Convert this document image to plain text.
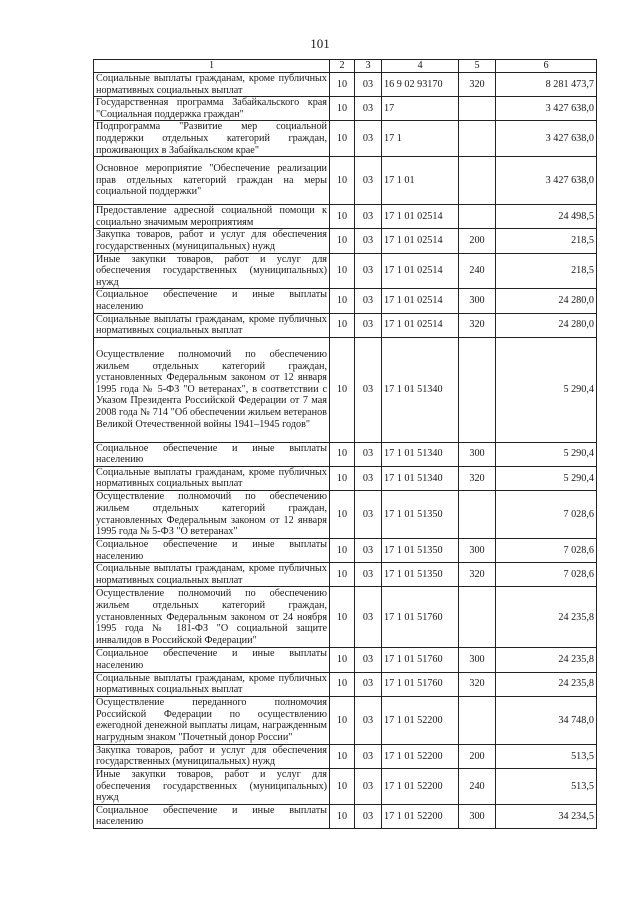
101
1	2	3	4	5	6
Социальные выплаты гражданам, кроме публичных нормативных социальных выплат	10	03	16 9 02 93170	320	8 281 473,7
Государственная программа Забайкальского края "Социальная поддержка граждан"	10	03	17		3 427 638,0
Подпрограмма "Развитие мер социальной поддержки отдельных категорий граждан, проживающих в Забайкальском крае"	10	03	17 1		3 427 638,0
Основное мероприятие "Обеспечение реализации прав отдельных категорий граждан на меры социальной поддержки"	10	03	17 1 01		3 427 638,0
Предоставление адресной социальной помощи к социально значимым мероприятиям	10	03	17 1 01 02514		24 498,5
Закупка товаров, работ и услуг для обеспечения государственных (муниципальных) нужд	10	03	17 1 01 02514	200	218,5
Иные закупки товаров, работ и услуг для обеспечения государственных (муниципальных) нужд	10	03	17 1 01 02514	240	218,5
Социальное обеспечение и иные выплаты населению	10	03	17 1 01 02514	300	24 280,0
Социальные выплаты гражданам, кроме публичных нормативных социальных выплат	10	03	17 1 01 02514	320	24 280,0
Осуществление полномочий по обеспечению жильем отдельных категорий граждан, установленных Федеральным законом от 12 января 1995 года № 5-ФЗ "О ветеранах", в соответствии с Указом Президента Российской Федерации от 7 мая 2008 года № 714 "Об обеспечении жильем ветеранов Великой Отечественной войны 1941–1945 годов"	10	03	17 1 01 51340		5 290,4
Социальное обеспечение и иные выплаты населению	10	03	17 1 01 51340	300	5 290,4
Социальные выплаты гражданам, кроме публичных нормативных социальных выплат	10	03	17 1 01 51340	320	5 290,4
Осуществление полномочий по обеспечению жильем отдельных категорий граждан, установленных Федеральным законом от 12 января 1995 года № 5-ФЗ "О ветеранах"	10	03	17 1 01 51350		7 028,6
Социальное обеспечение и иные выплаты населению	10	03	17 1 01 51350	300	7 028,6
Социальные выплаты гражданам, кроме публичных нормативных социальных выплат	10	03	17 1 01 51350	320	7 028,6
Осуществление полномочий по обеспечению жильем отдельных категорий граждан, установленных Федеральным законом от 24 ноября 1995 года № 181-ФЗ "О социальной защите инвалидов в Российской Федерации"	10	03	17 1 01 51760		24 235,8
Социальное обеспечение и иные выплаты населению	10	03	17 1 01 51760	300	24 235,8
Социальные выплаты гражданам, кроме публичных нормативных социальных выплат	10	03	17 1 01 51760	320	24 235,8
Осуществление переданного полномочия Российской Федерации по осуществлению ежегодной денежной выплаты лицам, награжденным нагрудным знаком "Почетный донор России"	10	03	17 1 01 52200		34 748,0
Закупка товаров, работ и услуг для обеспечения государственных (муниципальных) нужд	10	03	17 1 01 52200	200	513,5
Иные закупки товаров, работ и услуг для обеспечения государственных (муниципальных) нужд	10	03	17 1 01 52200	240	513,5
Социальное обеспечение и иные выплаты населению	10	03	17 1 01 52200	300	34 234,5
